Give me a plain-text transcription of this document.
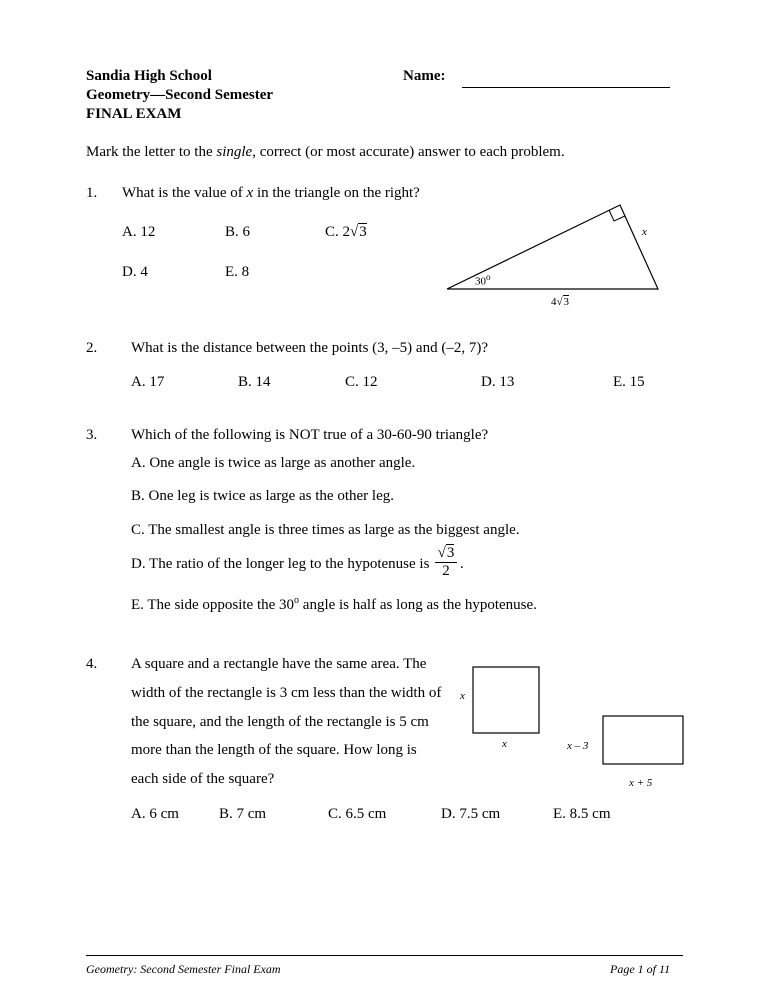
Sandia High School
Geometry—Second Semester
FINAL EXAM
Name:
Mark the letter to the single, correct (or most accurate) answer to each problem.
1. What is the value of x in the triangle on the right?
A. 12	B. 6	C. 2√3
D. 4	E. 8
30$^o$
x
4√3
2. What is the distance between the points (3, –5) and (–2, 7)?
A. 17	B. 14	C. 12	D. 13	E. 15
3. Which of the following is NOT true of a 30-60-90 triangle?
A. One angle is twice as large as another angle.
B. One leg is twice as large as the other leg.
C. The smallest angle is three times as large as the biggest angle.
D. The ratio of the longer leg to the hypotenuse is
√3
2 .
E. The side opposite the 30$^o$ angle is half as long as the hypotenuse.
4. A square and a rectangle have the same area. The
width of the rectangle is 3 cm less than the width of
the square, and the length of the rectangle is 5 cm
more than the length of the square. How long is
each side of the square?
x
x	x – 3
x + 5
A. 6 cm	B. 7 cm	C. 6.5 cm	D. 7.5 cm	E. 8.5 cm
Geometry: Second Semester Final Exam	Page 1 of 11
